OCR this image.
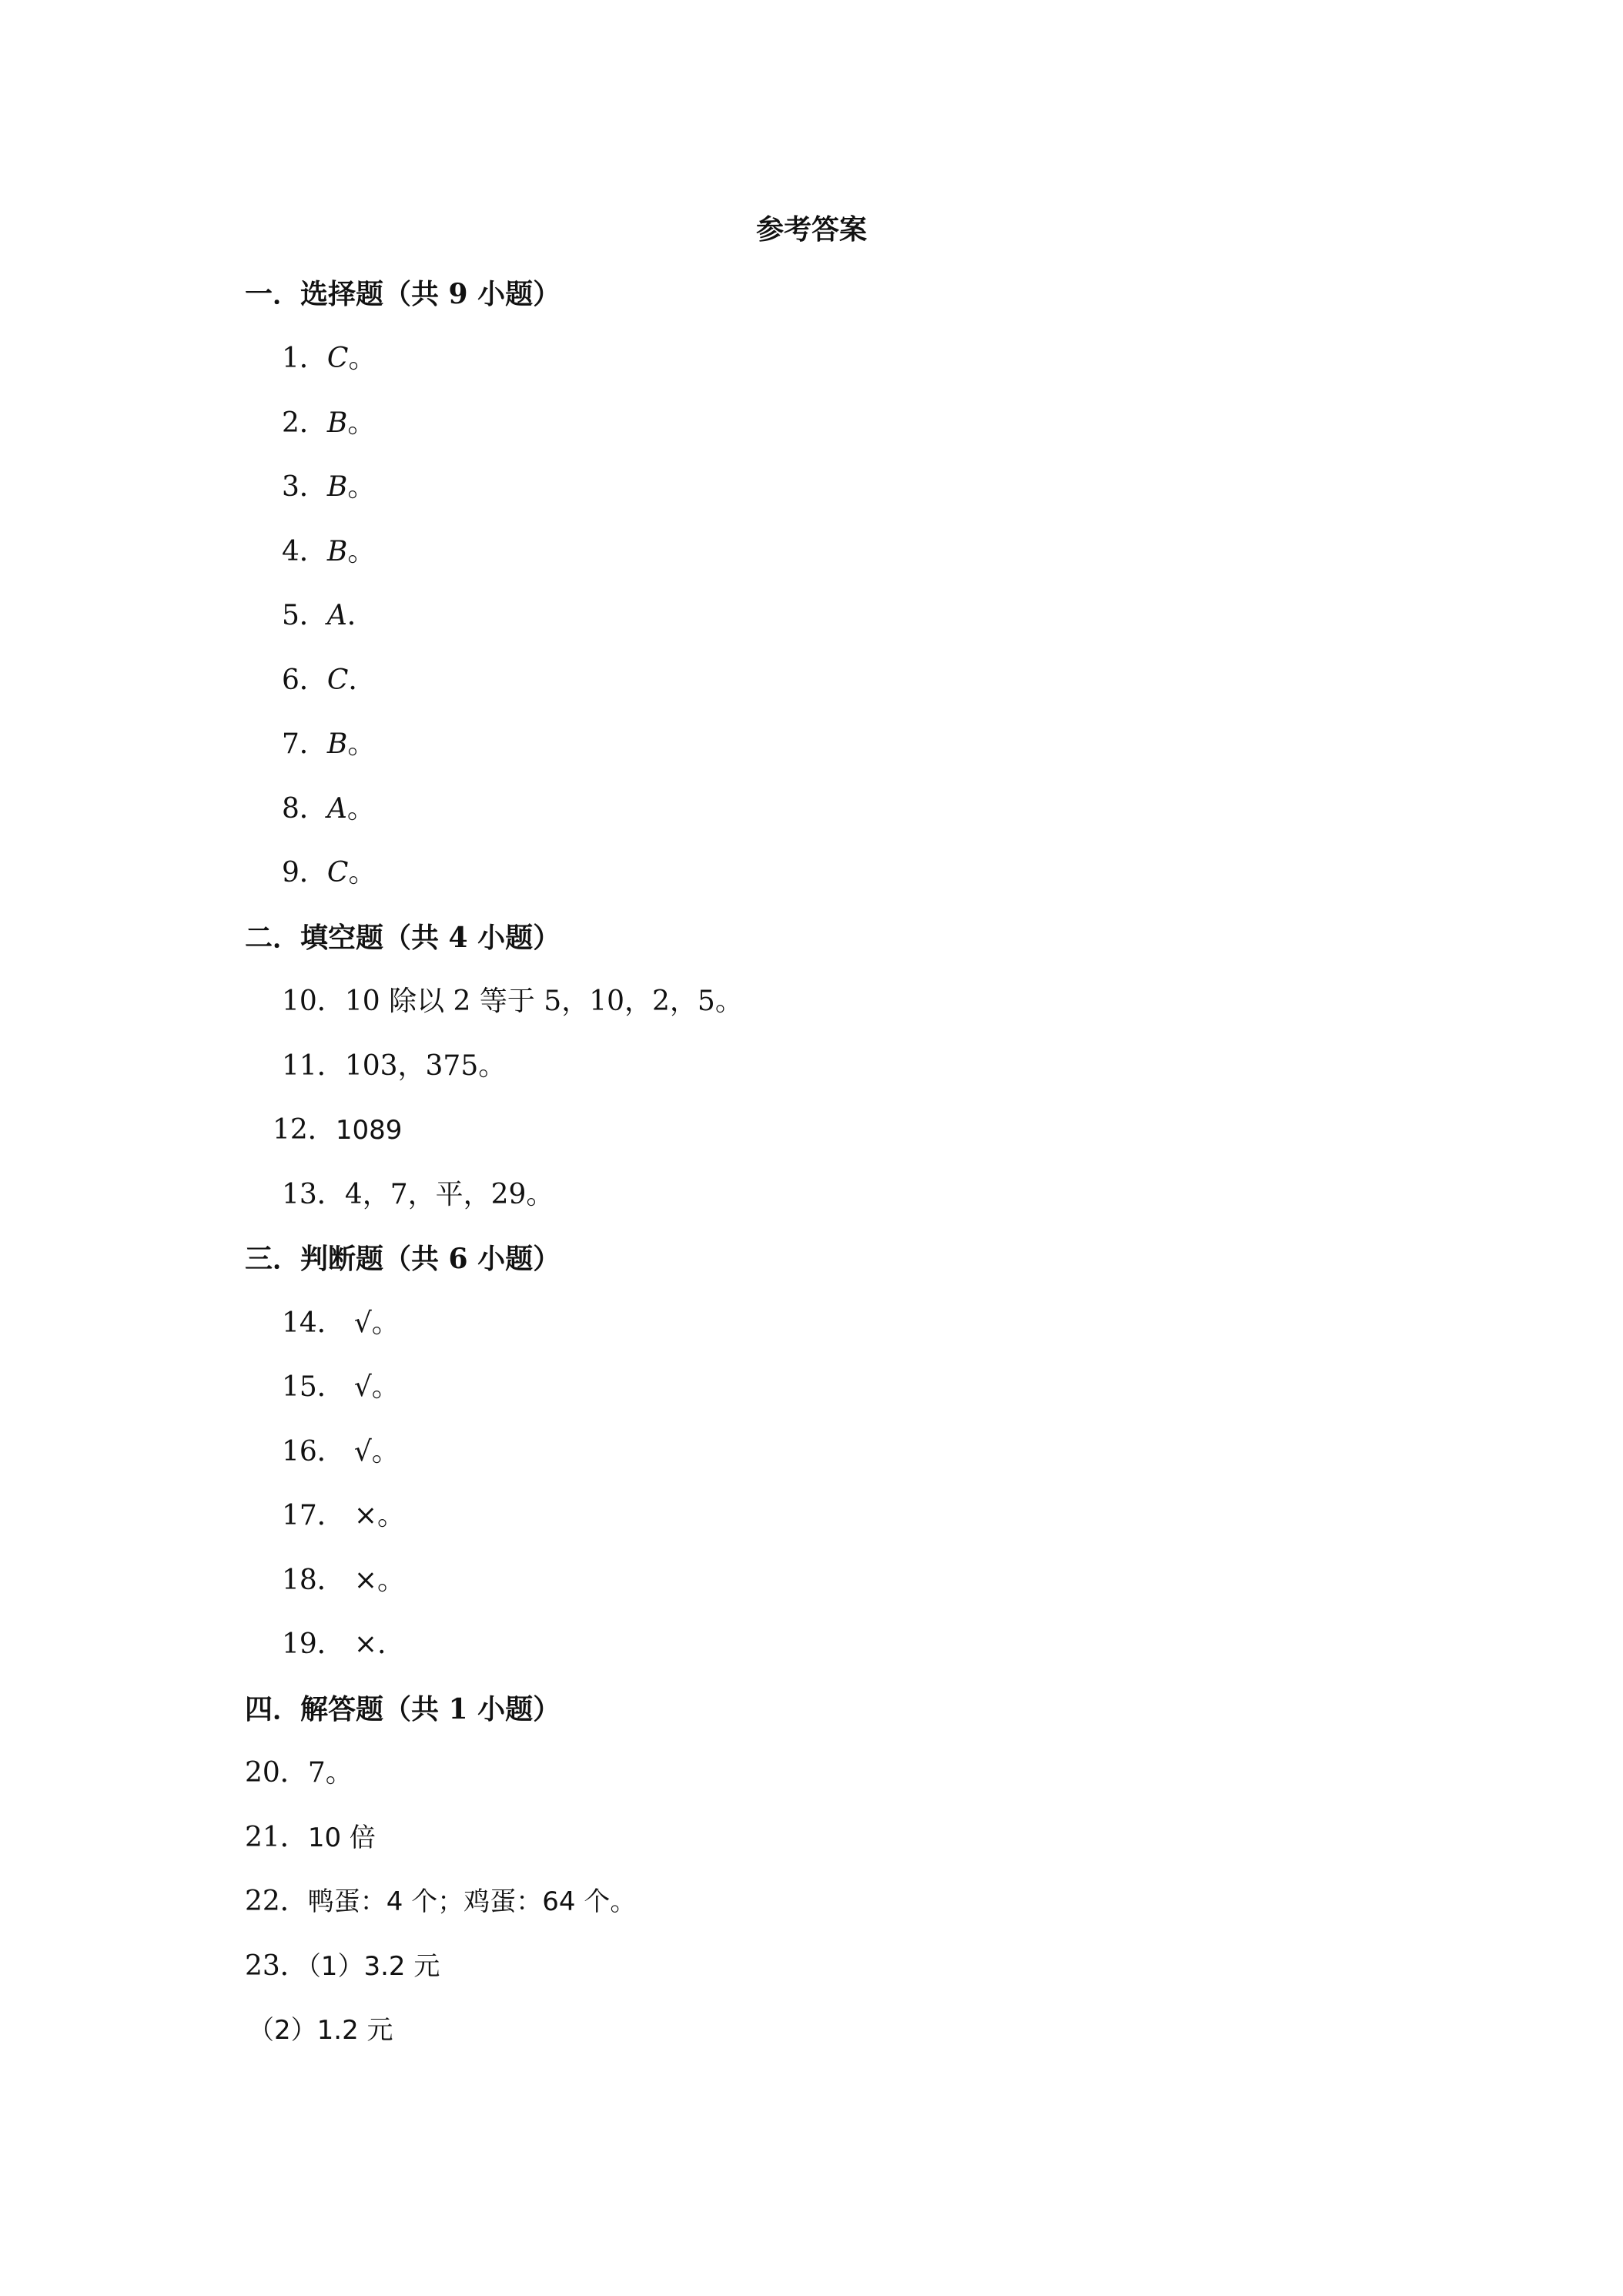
参考答案
一．选择题（共 9 小题）
1．C。
2．B。
3．B。
4．B。
5．A．
6．C．
7．B。
8．A。
9．C。
二．填空题（共 4 小题）
10．10 除以 2 等于 5，10，2，5。
11．103，375。
12．1089
13．4，7，平，29。
三．判断题（共 6 小题）
14． √。
15． √。
16． √。
17． ×。
18． ×。
19． ×.
四．解答题（共 1 小题）
20．7。
21．10 倍
22．鸭蛋：4 个；鸡蛋：64 个。
23．（1）3.2 元
（2）1.2 元
